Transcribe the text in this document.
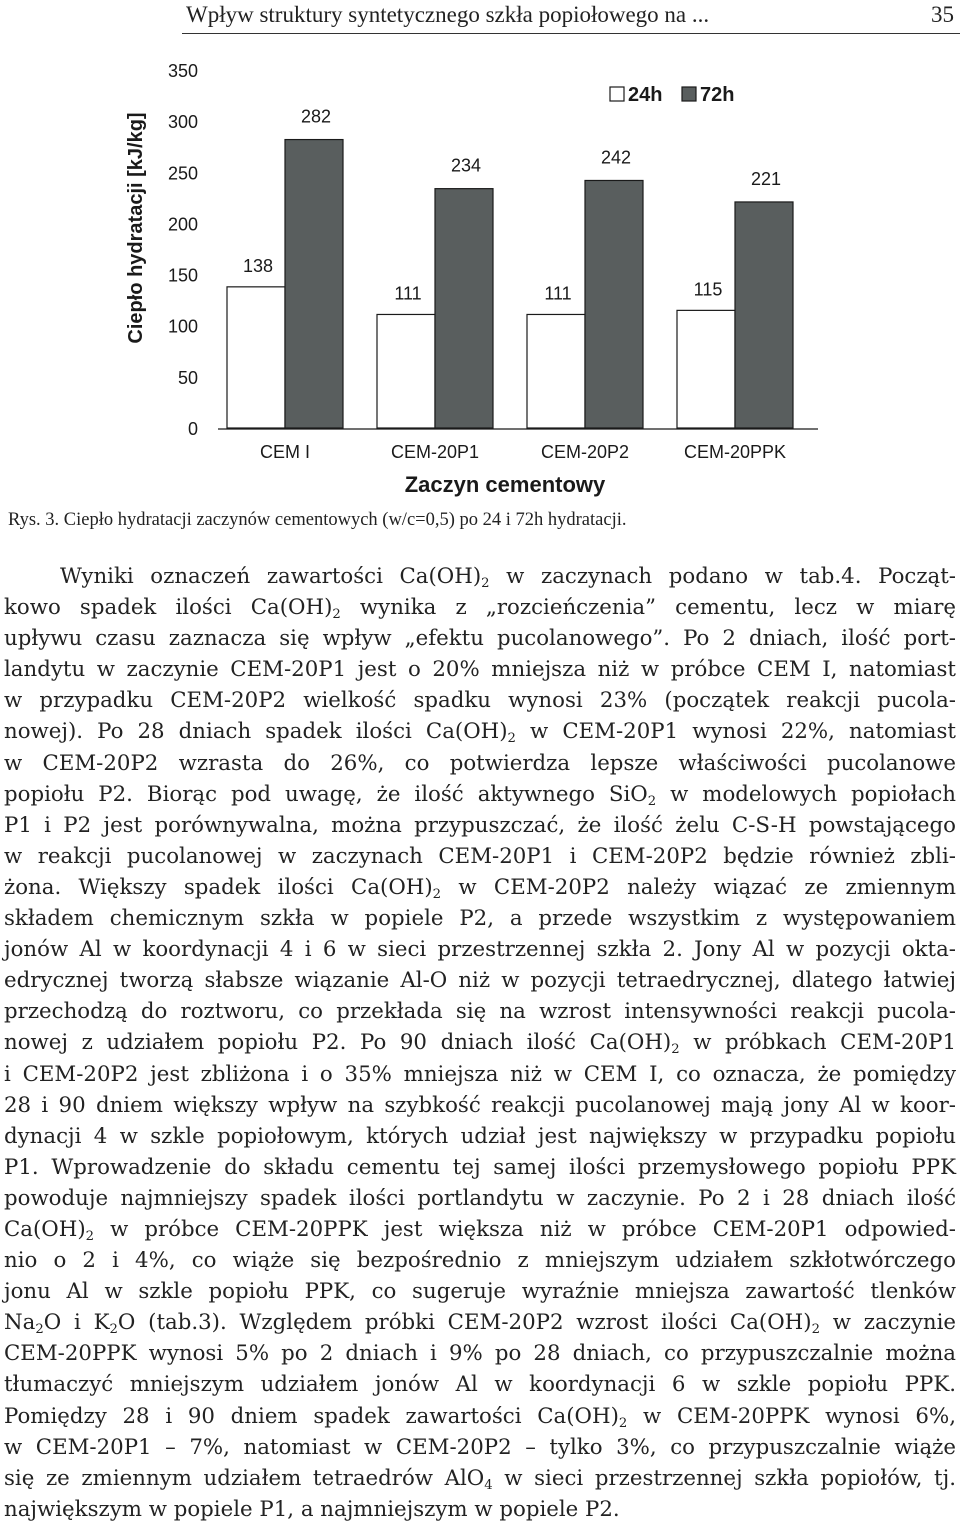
Wpływ struktury syntetycznego szkła popiołowego na ...	35
Ciepło hydratacji [kJ/kg]
Zaczyn cementowy
0
50
100
150
200
250
300
350
CEM I	CEM-20P1	CEM-20P2	CEM-20PPK
138
282
111
234
111
242
115
221
24h 72h
Rys. 3. Ciepło hydratacji zaczynów cementowych (w/c=0,5) po 24 i 72h hydratacji.

Wyniki oznaczeń zawartości $Ca(OH)_2$ w zaczynach podano w tab.4. Począt-
kowo spadek ilości $Ca(OH)_2$ wynika z „rozcieńczenia” cementu, lecz w miarę
upływu czasu zaznacza się wpływ „efektu pucolanowego”. Po 2 dniach, ilość port-
landytu w zaczynie CEM-20P1 jest o 20% mniejsza niż w próbce CEM I, natomiast
w przypadku CEM-20P2 wielkość spadku wynosi 23% (początek reakcji pucola-
nowej). Po 28 dniach spadek ilości $Ca(OH)_2$ w CEM-20P1 wynosi 22%, natomiast
w CEM-20P2 wzrasta do 26%, co potwierdza lepsze właściwości pucolanowe
popiołu P2. Biorąc pod uwagę, że ilość aktywnego SiO$_2$ w modelowych popiołach
P1 i P2 jest porównywalna, można przypuszczać, że ilość żelu C-S-H powstającego
w reakcji pucolanowej w zaczynach CEM-20P1 i CEM-20P2 będzie również zbli-
żona. Większy spadek ilości $Ca(OH)_2$ w CEM-20P2 należy wiązać ze zmiennym
składem chemicznym szkła w popiele P2, a przede wszystkim z występowaniem
jonów Al w koordynacji 4 i 6 w sieci przestrzennej szkła 2. Jony Al w pozycji okta-
edrycznej tworzą słabsze wiązanie Al-O niż w pozycji tetraedrycznej, dlatego łatwiej
przechodzą do roztworu, co przekłada się na wzrost intensywności reakcji pucola-
nowej z udziałem popiołu P2. Po 90 dniach ilość $Ca(OH)_2$ w próbkach CEM-20P1
i CEM-20P2 jest zbliżona i o 35% mniejsza niż w CEM I, co oznacza, że pomiędzy
28 i 90 dniem większy wpływ na szybkość reakcji pucolanowej mają jony Al w koor-
dynacji 4 w szkle popiołowym, których udział jest największy w przypadku popiołu
P1. Wprowadzenie do składu cementu tej samej ilości przemysłowego popiołu PPK
powoduje najmniejszy spadek ilości portlandytu w zaczynie. Po 2 i 28 dniach ilość
$Ca(OH)_2$ w próbce CEM-20PPK jest większa niż w próbce CEM-20P1 odpowied-
nio o 2 i 4%, co wiąże się bezpośrednio z mniejszym udziałem szkłotwórczego
jonu Al w szkle popiołu PPK, co sugeruje wyraźnie mniejsza zawartość tlenków
$Na_2O$ i $K_2O$ (tab.3). Względem próbki CEM-20P2 wzrost ilości $Ca(OH)_2$ w zaczynie
CEM-20PPK wynosi 5% po 2 dniach i 9% po 28 dniach, co przypuszczalnie można
tłumaczyć mniejszym udziałem jonów Al w koordynacji 6 w szkle popiołu PPK.
Pomiędzy 28 i 90 dniem spadek zawartości $Ca(OH)_2$ w CEM-20PPK wynosi 6%,
w CEM-20P1 – 7%, natomiast w CEM-20P2 – tylko 3%, co przypuszczalnie wiąże
się ze zmiennym udziałem tetraedrów AlO$_4$ w sieci przestrzennej szkła popiołów, tj.
największym w popiele P1, a najmniejszym w popiele P2.
